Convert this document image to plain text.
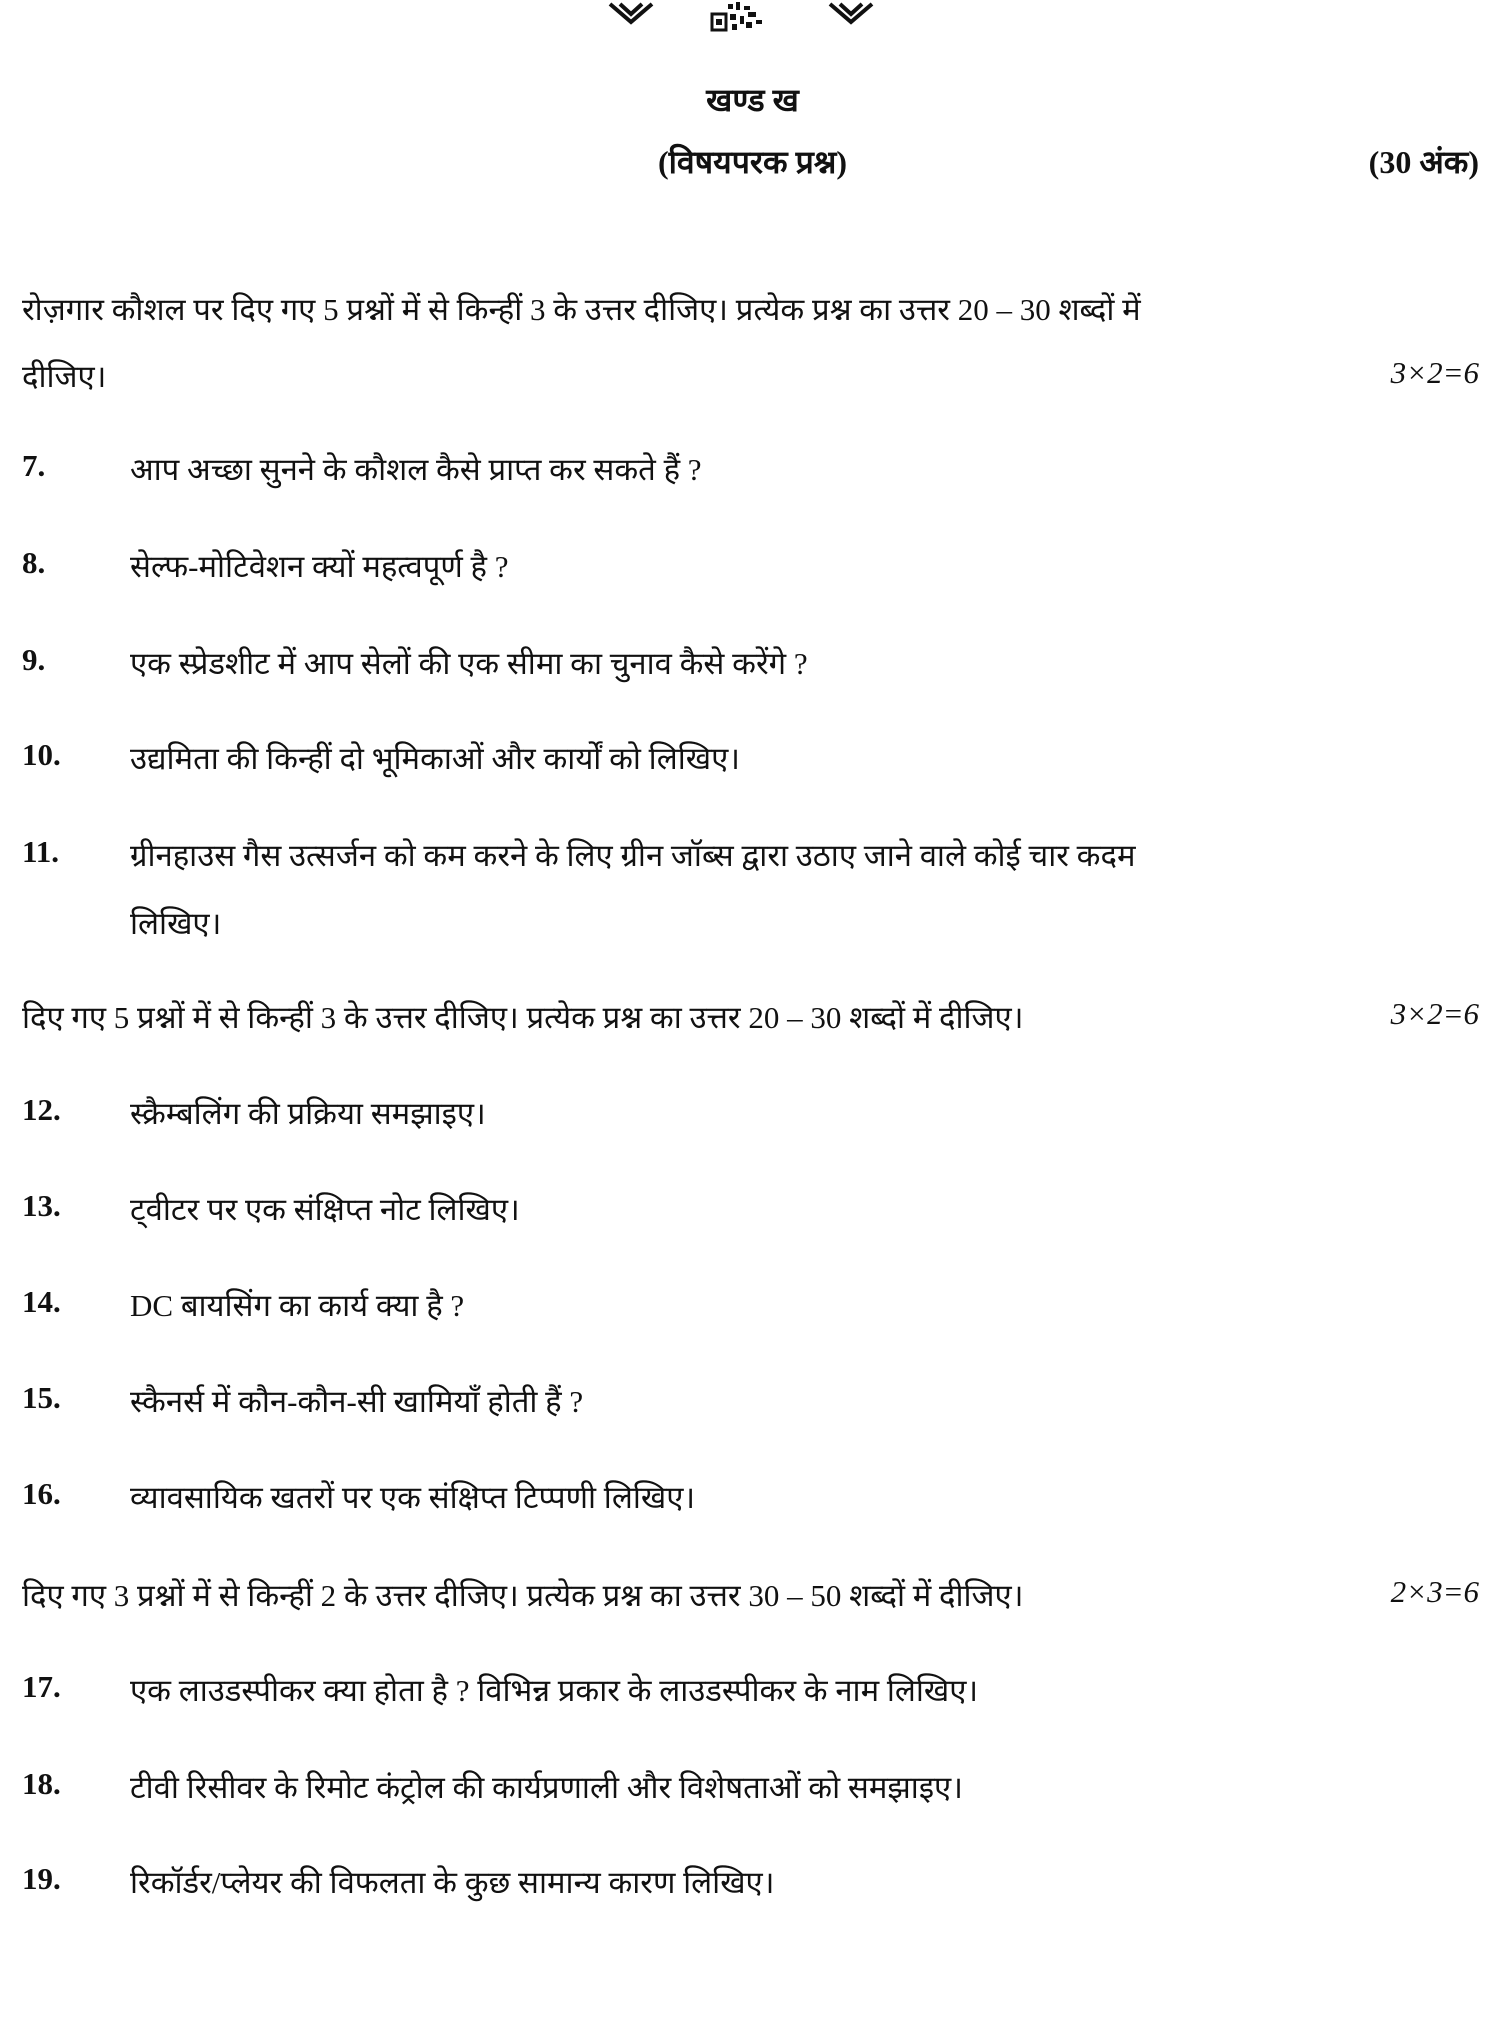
खण्ड ख
(विषयपरक प्रश्न)	(30 अंक)
रोज़गार कौशल पर दिए गए 5 प्रश्नों में से किन्हीं 3 के उत्तर दीजिए। प्रत्येक प्रश्न का उत्तर 20 – 30 शब्दों में
दीजिए।	3×2=6
7.	आप अच्छा सुनने के कौशल कैसे प्राप्त कर सकते हैं ?
8.	सेल्फ-मोटिवेशन क्यों महत्वपूर्ण है ?
9.	एक स्प्रेडशीट में आप सेलों की एक सीमा का चुनाव कैसे करेंगे ?
10. उद्यमिता की किन्हीं दो भूमिकाओं और कार्यों को लिखिए।
11. ग्रीनहाउस गैस उत्सर्जन को कम करने के लिए ग्रीन जॉब्स द्वारा उठाए जाने वाले कोई चार कदम
लिखिए।
दिए गए 5 प्रश्नों में से किन्हीं 3 के उत्तर दीजिए। प्रत्येक प्रश्न का उत्तर 20 – 30 शब्दों में दीजिए।	3×2=6
12. स्क्रैम्बलिंग की प्रक्रिया समझाइए।
13. ट्वीटर पर एक संक्षिप्त नोट लिखिए।
14. DC बायसिंग का कार्य क्या है ?
15. स्कैनर्स में कौन-कौन-सी खामियाँ होती हैं ?
16. व्यावसायिक खतरों पर एक संक्षिप्त टिप्पणी लिखिए।
दिए गए 3 प्रश्नों में से किन्हीं 2 के उत्तर दीजिए। प्रत्येक प्रश्न का उत्तर 30 – 50 शब्दों में दीजिए।	2×3=6
17. एक लाउडस्पीकर क्या होता है ? विभिन्न प्रकार के लाउडस्पीकर के नाम लिखिए।
18. टीवी रिसीवर के रिमोट कंट्रोल की कार्यप्रणाली और विशेषताओं को समझाइए।
19. रिकॉर्डर/प्लेयर की विफलता के कुछ सामान्य कारण लिखिए।
